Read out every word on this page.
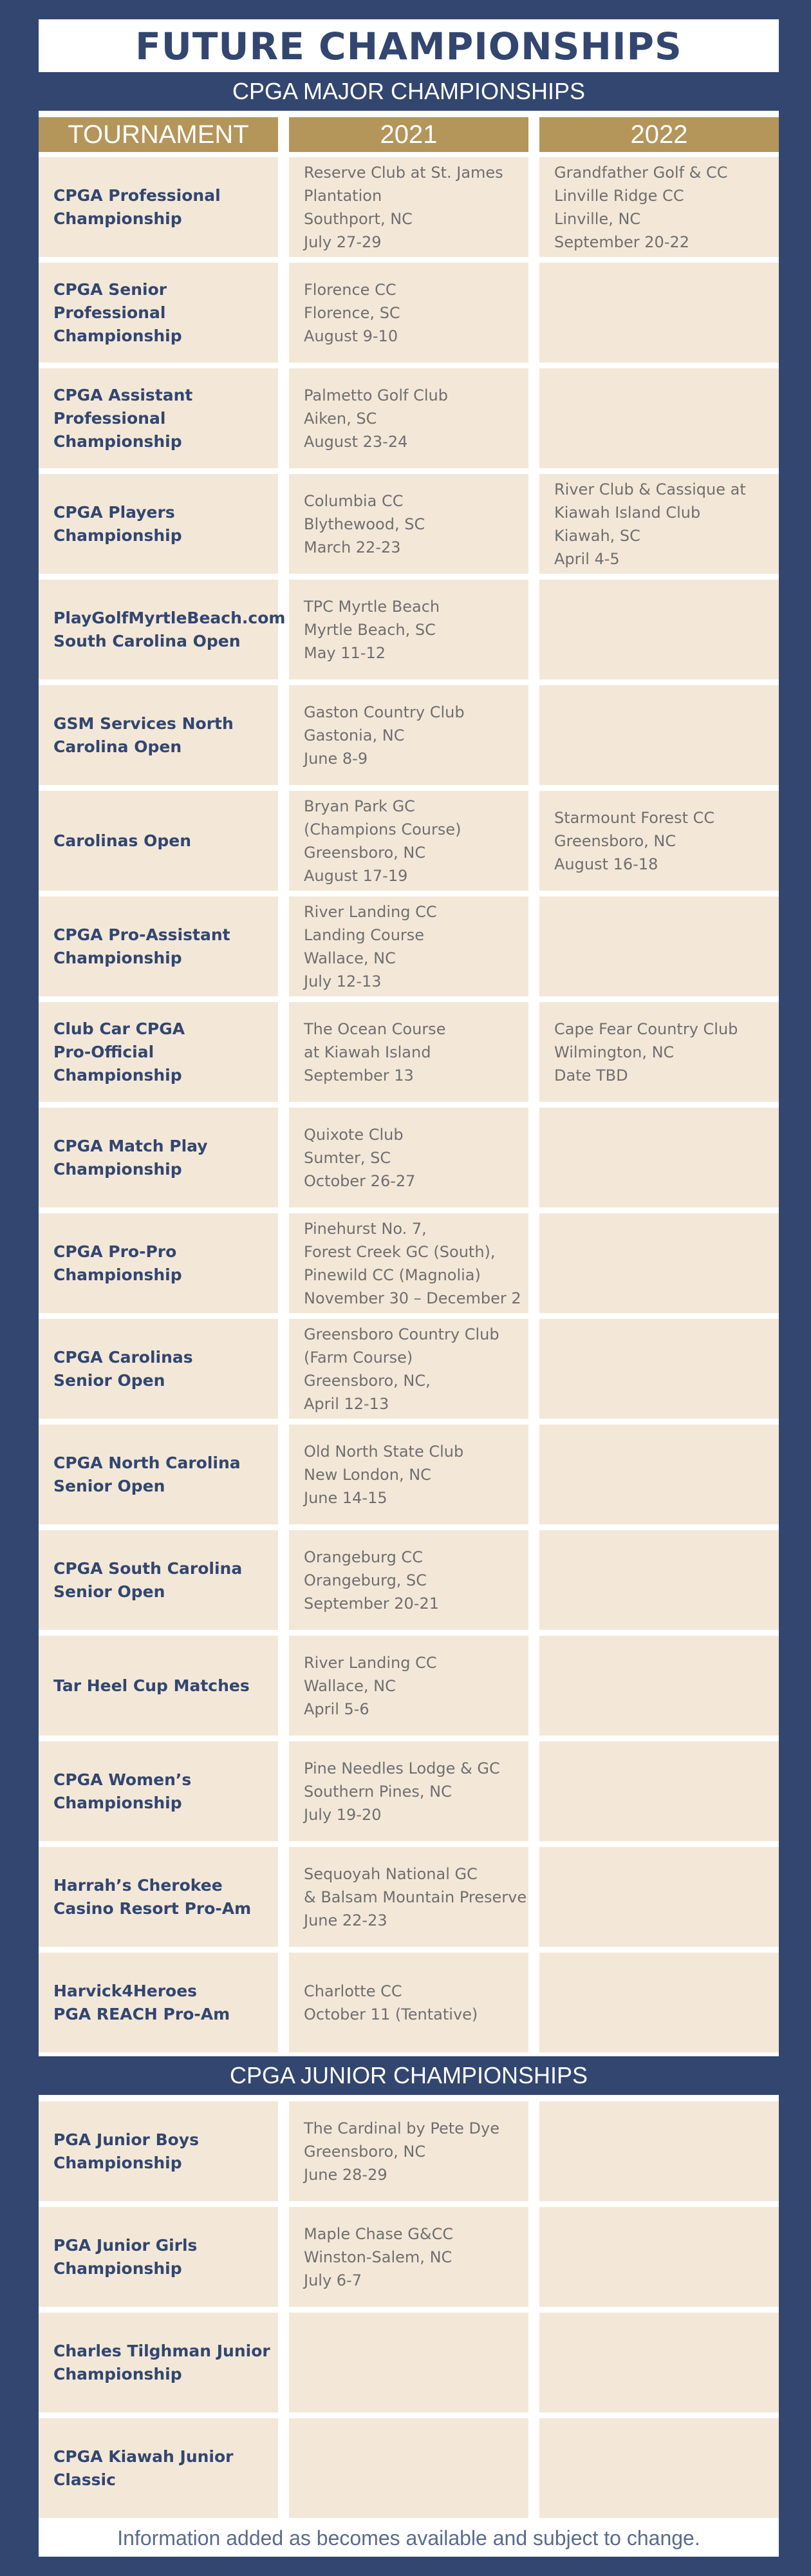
FUTURE CHAMPIONSHIPS
CPGA MAJOR CHAMPIONSHIPS
TOURNAMENT	2021	2022
CPGA Professional
Championship
Reserve Club at St. James
Plantation
Southport, NC
July 27-29
Grandfather Golf & CC
Linville Ridge CC
Linville, NC
September 20-22
CPGA Senior
Professional
Championship
Florence CC
Florence, SC
August 9-10
CPGA Assistant
Professional
Championship
Palmetto Golf Club
Aiken, SC
August 23-24
CPGA Players
Championship
Columbia CC
Blythewood, SC
March 22-23
River Club & Cassique at
Kiawah Island Club
Kiawah, SC
April 4-5
PlayGolfMyrtleBeach.com
South Carolina Open
TPC Myrtle Beach
Myrtle Beach, SC
May 11-12
GSM Services North
Carolina Open
Gaston Country Club
Gastonia, NC
June 8-9
Carolinas Open
Bryan Park GC
(Champions Course)
Greensboro, NC
August 17-19
Starmount Forest CC
Greensboro, NC
August 16-18
CPGA Pro-Assistant
Championship
River Landing CC
Landing Course
Wallace, NC
July 12-13
Club Car CPGA
Pro-Official Championship
The Ocean Course
at Kiawah Island
September 13
Cape Fear Country Club
Wilmington, NC
Date TBD
CPGA Match Play
Championship
Quixote Club
Sumter, SC
October 26-27
CPGA Pro-Pro
Championship
Pinehurst No. 7,
Forest Creek GC (South),
Pinewild CC (Magnolia)
November 30 – December 2
CPGA Carolinas
Senior Open
Greensboro Country Club
(Farm Course)
Greensboro, NC,
April 12-13
CPGA North Carolina
Senior Open
Old North State Club
New London, NC
June 14-15
CPGA South Carolina
Senior Open
Orangeburg CC
Orangeburg, SC
September 20-21
Tar Heel Cup Matches
River Landing CC
Wallace, NC
April 5-6
CPGA Women’s
Championship
Pine Needles Lodge & GC
Southern Pines, NC
July 19-20
Harrah’s Cherokee
Casino Resort Pro-Am
Sequoyah National GC
& Balsam Mountain Preserve
June 22-23
Harvick4Heroes
PGA REACH Pro-Am
Charlotte CC
October 11 (Tentative)
CPGA JUNIOR CHAMPIONSHIPS
PGA Junior Boys
Championship
The Cardinal by Pete Dye
Greensboro, NC
June 28-29
PGA Junior Girls
Championship
Maple Chase G&CC
Winston-Salem, NC
July 6-7
Charles Tilghman Junior
Championship
CPGA Kiawah Junior
Classic
Information added as becomes available and subject to change.
